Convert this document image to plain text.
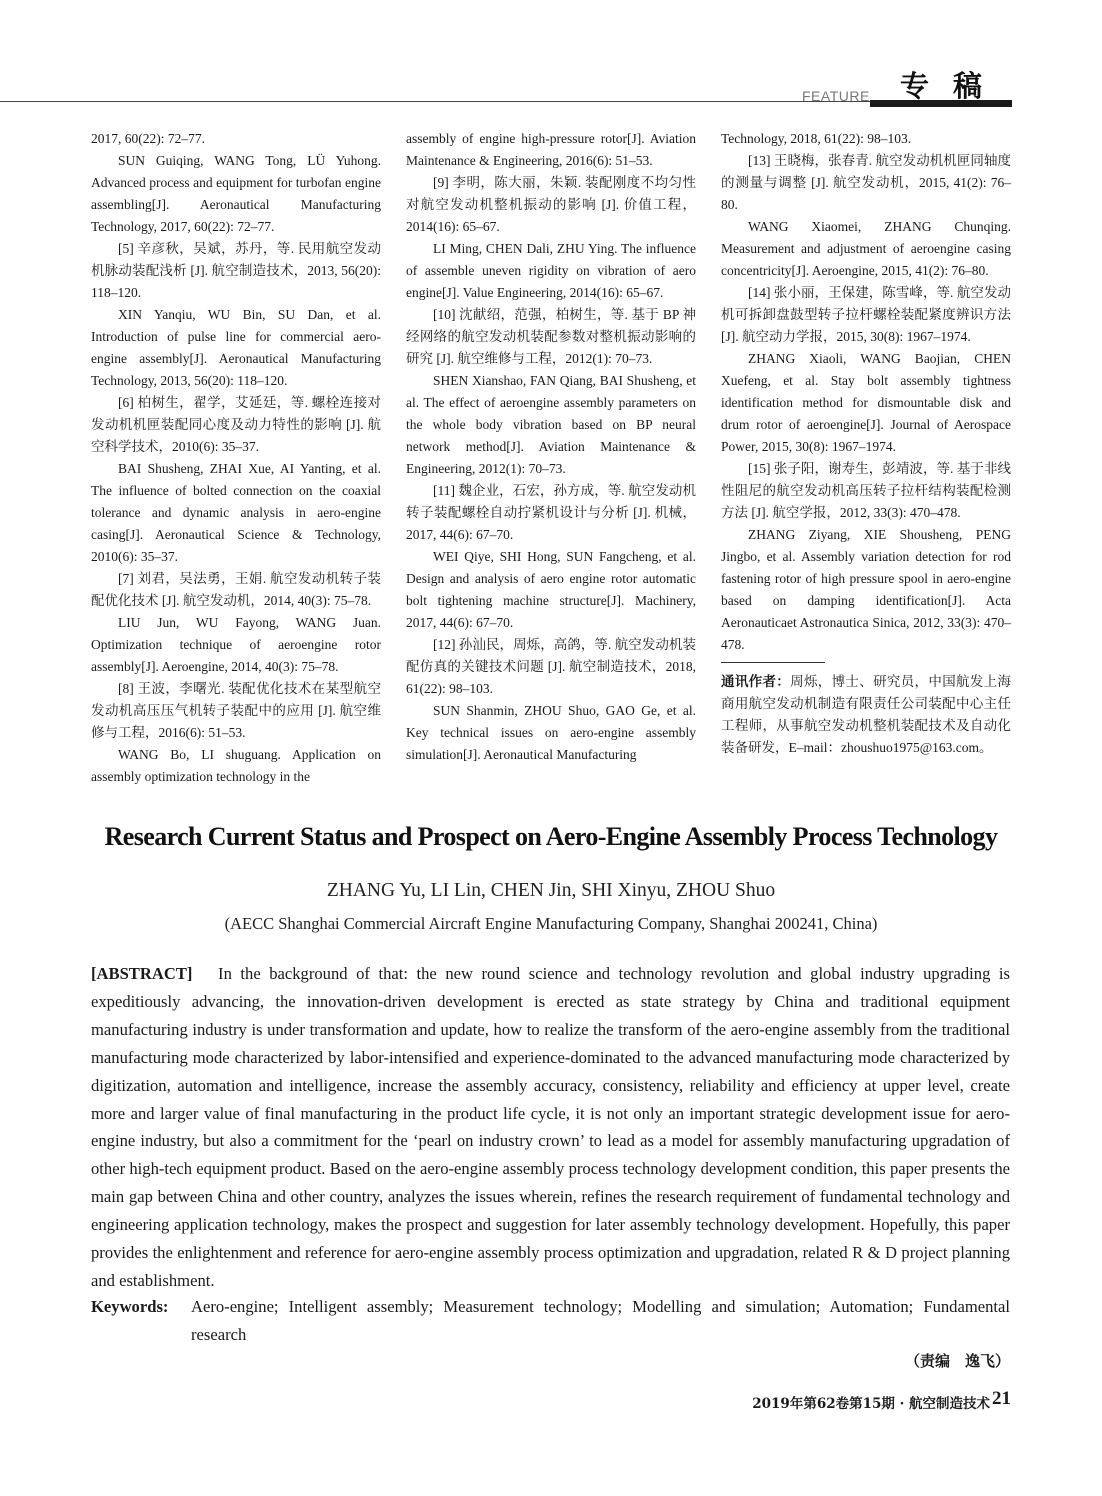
FEATURE 专稿

2017, 60(22): 72–77.

SUN Guiqing, WANG Tong, LÜ Yuhong. Advanced process and equipment for turbofan engine assembling[J]. Aeronautical Manufacturing Technology, 2017, 60(22): 72–77.

[5] 辛彦秋，吴斌，苏丹，等. 民用航空发动机脉动装配浅析 [J]. 航空制造技术，2013, 56(20): 118–120.

XIN Yanqiu, WU Bin, SU Dan, et al. Introduction of pulse line for commercial aero-engine assembly[J]. Aeronautical Manufacturing Technology, 2013, 56(20): 118–120.

[6] 柏树生，翟学，艾延廷，等. 螺栓连接对发动机机匣装配同心度及动力特性的影响 [J]. 航空科学技术，2010(6): 35–37.

BAI Shusheng, ZHAI Xue, AI Yanting, et al. The influence of bolted connection on the coaxial tolerance and dynamic analysis in aero-engine casing[J]. Aeronautical Science & Technology, 2010(6): 35–37.

[7] 刘君，吴法勇，王娟. 航空发动机转子装配优化技术 [J]. 航空发动机，2014, 40(3): 75–78.

LIU Jun, WU Fayong, WANG Juan. Optimization technique of aeroengine rotor assembly[J]. Aeroengine, 2014, 40(3): 75–78.

[8] 王波，李曙光. 装配优化技术在某型航空发动机高压压气机转子装配中的应用 [J]. 航空维修与工程，2016(6): 51–53.

WANG Bo, LI shuguang. Application on assembly optimization technology in the

assembly of engine high-pressure rotor[J]. Aviation Maintenance & Engineering, 2016(6): 51–53.

[9] 李明，陈大丽，朱颖. 装配刚度不均匀性对航空发动机整机振动的影响 [J]. 价值工程，2014(16): 65–67.

LI Ming, CHEN Dali, ZHU Ying. The influence of assemble uneven rigidity on vibration of aero engine[J]. Value Engineering, 2014(16): 65–67.

[10] 沈献绍，范强，柏树生，等. 基于 BP 神经网络的航空发动机装配参数对整机振动影响的研究 [J]. 航空维修与工程，2012(1): 70–73.

SHEN Xianshao, FAN Qiang, BAI Shusheng, et al. The effect of aeroengine assembly parameters on the whole body vibration based on BP neural network method[J]. Aviation Maintenance & Engineering, 2012(1): 70–73.

[11] 魏企业，石宏，孙方成，等. 航空发动机转子装配螺栓自动拧紧机设计与分析 [J]. 机械，2017, 44(6): 67–70.

WEI Qiye, SHI Hong, SUN Fangcheng, et al. Design and analysis of aero engine rotor automatic bolt tightening machine structure[J]. Machinery, 2017, 44(6): 67–70.

[12] 孙汕民，周烁，高鸽，等. 航空发动机装配仿真的关键技术问题 [J]. 航空制造技术，2018, 61(22): 98–103.

SUN Shanmin, ZHOU Shuo, GAO Ge, et al. Key technical issues on aero-engine assembly simulation[J]. Aeronautical Manufacturing

Technology, 2018, 61(22): 98–103.

[13] 王晓梅，张春青. 航空发动机机匣同轴度的测量与调整 [J]. 航空发动机，2015, 41(2): 76–80.

WANG Xiaomei, ZHANG Chunqing. Measurement and adjustment of aeroengine casing concentricity[J]. Aeroengine, 2015, 41(2): 76–80.

[14] 张小丽，王保建，陈雪峰，等. 航空发动机可拆卸盘鼓型转子拉杆螺栓装配紧度辨识方法 [J]. 航空动力学报，2015, 30(8): 1967–1974.

ZHANG Xiaoli, WANG Baojian, CHEN Xuefeng, et al. Stay bolt assembly tightness identification method for dismountable disk and drum rotor of aeroengine[J]. Journal of Aerospace Power, 2015, 30(8): 1967–1974.

[15] 张子阳，谢寿生，彭靖波，等. 基于非线性阻尼的航空发动机高压转子拉杆结构装配检测方法 [J]. 航空学报，2012, 33(3): 470–478.

ZHANG Ziyang, XIE Shousheng, PENG Jingbo, et al. Assembly variation detection for rod fastening rotor of high pressure spool in aero-engine based on damping identification[J]. Acta Aeronauticaet Astronautica Sinica, 2012, 33(3): 470–478.

通讯作者：周烁，博士、研究员，中国航发上海商用航空发动机制造有限责任公司装配中心主任工程师，从事航空发动机整机装配技术及自动化装备研发，E–mail：zhoushuo1975@163.com。

Research Current Status and Prospect on Aero-Engine Assembly Process Technology
ZHANG Yu, LI Lin, CHEN Jin, SHI Xinyu, ZHOU Shuo
(AECC Shanghai Commercial Aircraft Engine Manufacturing Company, Shanghai 200241, China)
[ABSTRACT] In the background of that: the new round science and technology revolution and global industry upgrading is expeditiously advancing, the innovation-driven development is erected as state strategy by China and traditional equipment manufacturing industry is under transformation and update, how to realize the transform of the aero-engine assembly from the traditional manufacturing mode characterized by labor-intensified and experience-dominated to the advanced manufacturing mode characterized by digitization, automation and intelligence, increase the assembly accuracy, consistency, reliability and efficiency at upper level, create more and larger value of final manufacturing in the product life cycle, it is not only an important strategic development issue for aero-engine industry, but also a commitment for the ‘pearl on industry crown’ to lead as a model for assembly manufacturing upgradation of other high-tech equipment product. Based on the aero-engine assembly process technology development condition, this paper presents the main gap between China and other country, analyzes the issues wherein, refines the research requirement of fundamental technology and engineering application technology, makes the prospect and suggestion for later assembly technology development. Hopefully, this paper provides the enlightenment and reference for aero-engine assembly process optimization and upgradation, related R & D project planning and establishment.
Keywords: Aero-engine; Intelligent assembly; Measurement technology; Modelling and simulation; Automation; Fundamental research
（责编　逸飞）
2019年第62卷第15期 · 航空制造技术 21
